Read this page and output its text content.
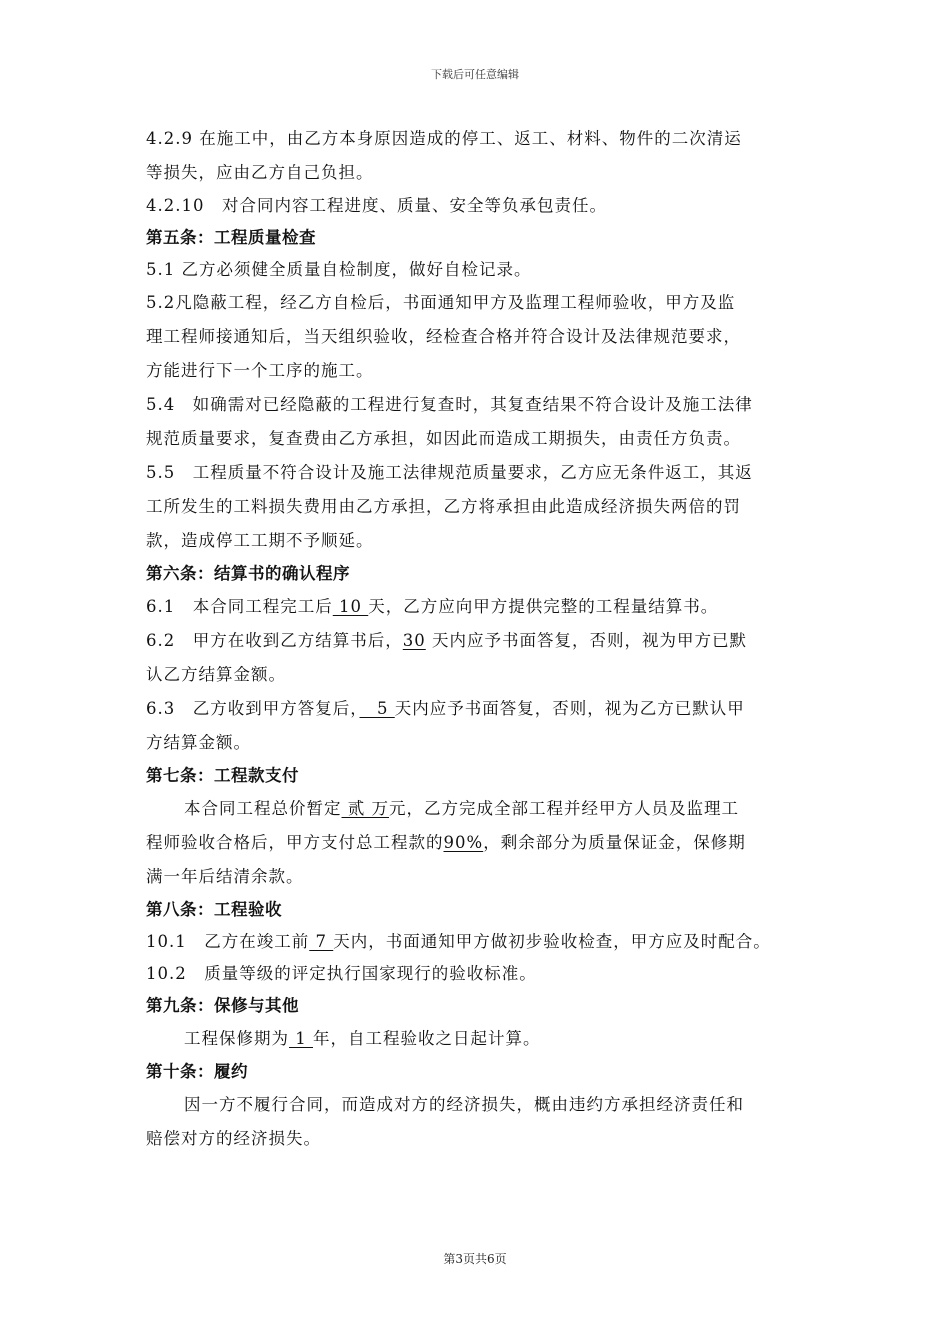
下载后可任意编辑
4.2.9 在施工中，由乙方本身原因造成的停工、返工、材料、物件的二次清运
等损失，应由乙方自己负担。
4.2.10　对合同内容工程进度、质量、安全等负承包责任。
第五条：工程质量检查
5.1 乙方必须健全质量自检制度，做好自检记录。
5.2凡隐蔽工程，经乙方自检后，书面通知甲方及监理工程师验收，甲方及监
理工程师接通知后，当天组织验收，经检查合格并符合设计及法律规范要求，
方能进行下一个工序的施工。
5.4　如确需对已经隐蔽的工程进行复查时，其复查结果不符合设计及施工法律
规范质量要求，复查费由乙方承担，如因此而造成工期损失，由责任方负责。
5.5　工程质量不符合设计及施工法律规范质量要求，乙方应无条件返工，其返
工所发生的工料损失费用由乙方承担，乙方将承担由此造成经济损失两倍的罚
款，造成停工工期不予顺延。
第六条：结算书的确认程序
6.1　本合同工程完工后 10 天，乙方应向甲方提供完整的工程量结算书。
6.2　甲方在收到乙方结算书后，30 天内应予书面答复，否则，视为甲方已默
认乙方结算金额。
6.3　乙方收到甲方答复后，　5 天内应予书面答复，否则，视为乙方已默认甲
方结算金额。
第七条：工程款支付
本合同工程总价暂定 贰 万元，乙方完成全部工程并经甲方人员及监理工
程师验收合格后，甲方支付总工程款的90%，剩余部分为质量保证金，保修期
满一年后结清余款。
第八条：工程验收
10.1　乙方在竣工前 7 天内，书面通知甲方做初步验收检查，甲方应及时配合。
10.2　质量等级的评定执行国家现行的验收标准。
第九条：保修与其他
工程保修期为 1 年，自工程验收之日起计算。
第十条：履约
因一方不履行合同，而造成对方的经济损失，概由违约方承担经济责任和
赔偿对方的经济损失。
第3页共6页
